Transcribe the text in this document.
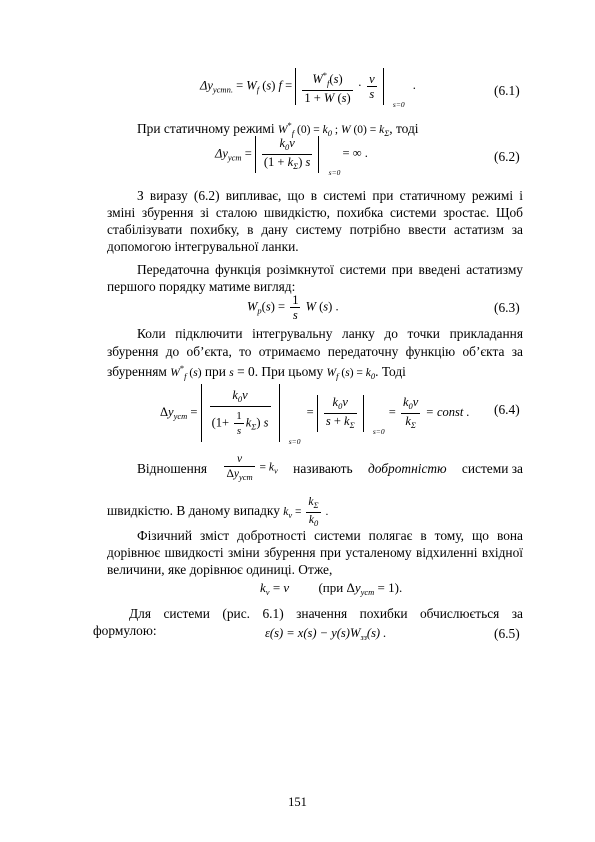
$\Delta y_{устп.} = W_f$ (s) $f = \frac{W^*_f(s)}{1 + W (s)} \cdot \frac{\nu}{s}$
s=0
.	(6.1)
При статичному режимі $W^*_f$ $(0) = k_0$ ; W $(0) = k_\Sigma$, тоді
$\Delta y_{уст} = \frac{k_0\nu}{(1 + k_\Sigma) s} s=0$
= ∞ .	(6.2)

З виразу (6.2) випливає, що в системі при статичному режимі і зміні збурення зі сталою швидкістю, похибка системи зростає. Щоб стабілізувати похибку, в дану систему потрібно ввести астатизм за допомогою інтегрувальної ланки.

Передаточна функція розімкнутої системи при введені астатизму першого порядку матиме вигляд:

$W_p(s) = \frac{1}{s}$ W (s) .	(6.3)

Коли підключити інтегрувальну ланку до точки прикладання збурення до об’єкта, то отримаємо передаточну функцію об’єкта за збуренням $W^*_f$ (s) при s = 0. При цьому $W_f$ $(s) = k_0$. Тоді

$\Delta y_{уст} = \frac{k_0\nu}{(1+ \frac{1}{s} k_\Sigma) s}$
s=0
= $\frac{k_0\nu}{s + k_\Sigma} s=0$
= $\frac{k_0\nu}{k_\Sigma}$ = const . (6.4)
Відношення $\frac{\nu}{\Delta y_{уст}} = k_\nu$ називають добротністю системи за
швидкістю. В даному випадку $k_\nu = \frac{k_\Sigma}{k_0}$ .

Фізичний зміст добротності системи полягає в тому, що вона дорівнює швидкості зміни збурення при усталеному відхиленні вхідної величини, яке дорівнює одиниці. Отже,

$k_\nu = \nu$ (при $\Delta y_{уст} = 1$).

Для системи (рис. 6.1) значення похибки обчислюється за формулою:	$\varepsilon(s) = x(s) - y(s)W_{зз}(s)$ .	(6.5)
151
